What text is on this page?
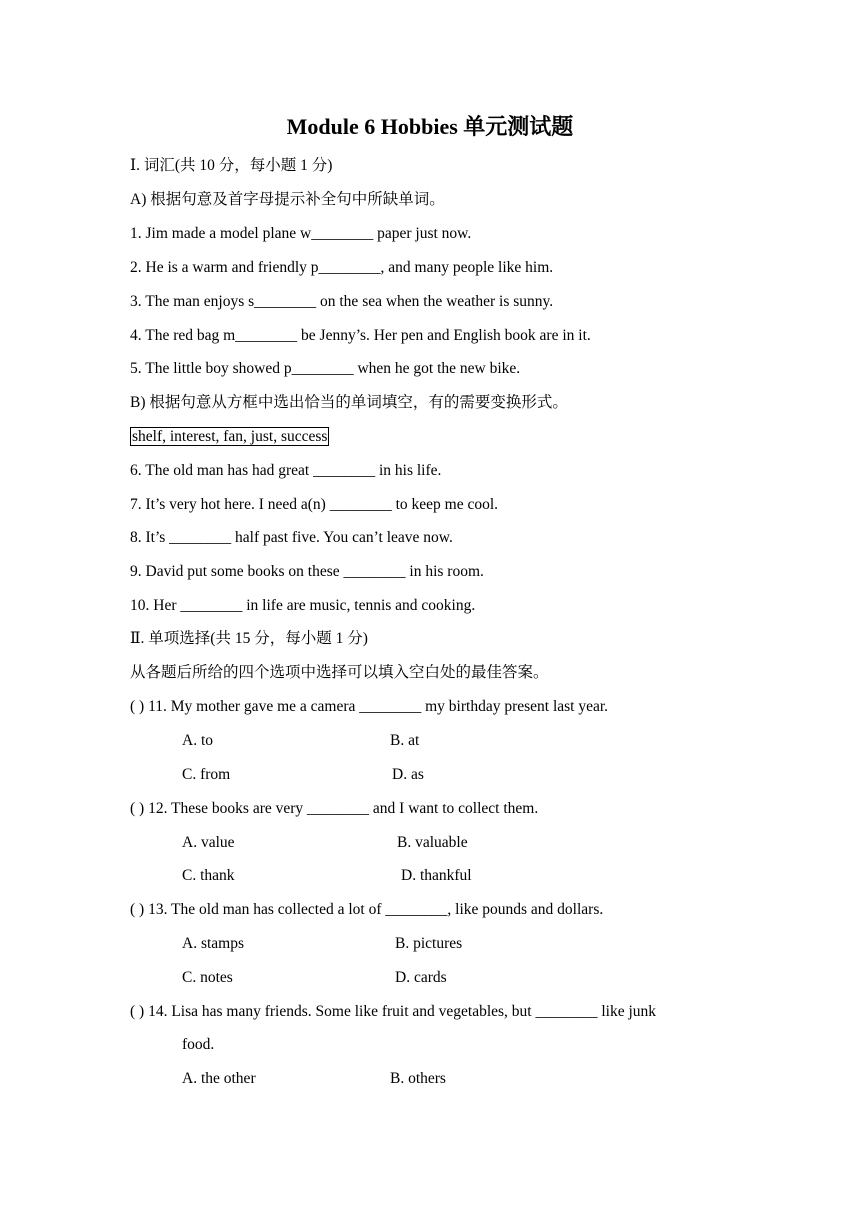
Module 6 Hobbies 单元测试题
Ⅰ. 词汇(共 10 分，每小题 1 分)
A) 根据句意及首字母提示补全句中所缺单词。
1. Jim made a model plane w________ paper just now.
2. He is a warm and friendly p________, and many people like him.
3. The man enjoys s________ on the sea when the weather is sunny.
4. The red bag m________ be Jenny’s. Her pen and English book are in it.
5. The little boy showed p________ when he got the new bike.
B) 根据句意从方框中选出恰当的单词填空，有的需要变换形式。
shelf, interest, fan, just, success
6. The old man has had great ________ in his life.
7. It’s very hot here. I need a(n) ________ to keep me cool.
8. It’s ________ half past five. You can’t leave now.
9. David put some books on these ________ in his room.
10. Her ________ in life are music, tennis and cooking.
Ⅱ. 单项选择(共 15 分，每小题 1 分)
从各题后所给的四个选项中选择可以填入空白处的最佳答案。
( ) 11. My mother gave me a camera ________ my birthday present last year.
A. to	B. at
C. from	D. as
( ) 12. These books are very ________ and I want to collect them.
A. value	B. valuable
C. thank	D. thankful
( ) 13. The old man has collected a lot of ________, like pounds and dollars.
A. stamps	B. pictures
C. notes	D. cards
( ) 14. Lisa has many friends. Some like fruit and vegetables, but ________ like junk
food.
A. the other	B. others
